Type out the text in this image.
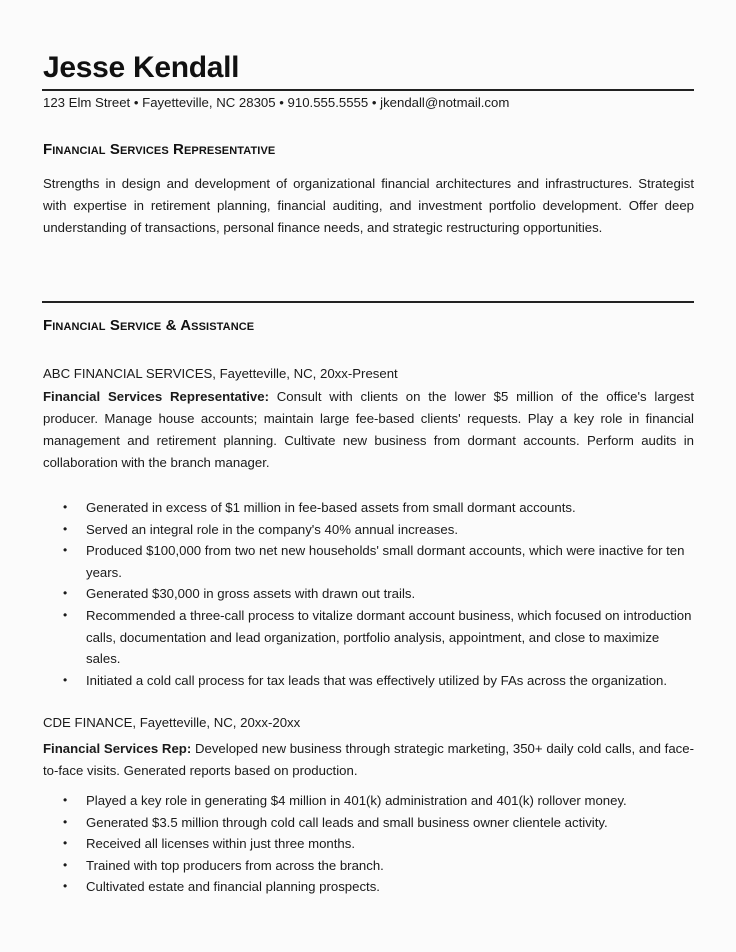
Jesse Kendall
123 Elm Street • Fayetteville, NC 28305 • 910.555.5555 • jkendall@notmail.com
Financial Services Representative
Strengths in design and development of organizational financial architectures and infrastructures. Strategist with expertise in retirement planning, financial auditing, and investment portfolio development. Offer deep understanding of transactions, personal finance needs, and strategic restructuring opportunities.
Financial Service & Assistance
ABC FINANCIAL SERVICES, Fayetteville, NC, 20xx-Present
Financial Services Representative: Consult with clients on the lower $5 million of the office's largest producer. Manage house accounts; maintain large fee-based clients' requests. Play a key role in financial management and retirement planning. Cultivate new business from dormant accounts. Perform audits in collaboration with the branch manager.
• Generated in excess of $1 million in fee-based assets from small dormant accounts.
• Served an integral role in the company's 40% annual increases.
• Produced $100,000 from two net new households' small dormant accounts, which were inactive for ten years.
• Generated $30,000 in gross assets with drawn out trails.
• Recommended a three-call process to vitalize dormant account business, which focused on introduction calls, documentation and lead organization, portfolio analysis, appointment, and close to maximize sales.
• Initiated a cold call process for tax leads that was effectively utilized by FAs across the organization.
CDE FINANCE, Fayetteville, NC, 20xx-20xx
Financial Services Rep: Developed new business through strategic marketing, 350+ daily cold calls, and face-to-face visits. Generated reports based on production.
• Played a key role in generating $4 million in 401(k) administration and 401(k) rollover money.
• Generated $3.5 million through cold call leads and small business owner clientele activity.
• Received all licenses within just three months.
• Trained with top producers from across the branch.
• Cultivated estate and financial planning prospects.
